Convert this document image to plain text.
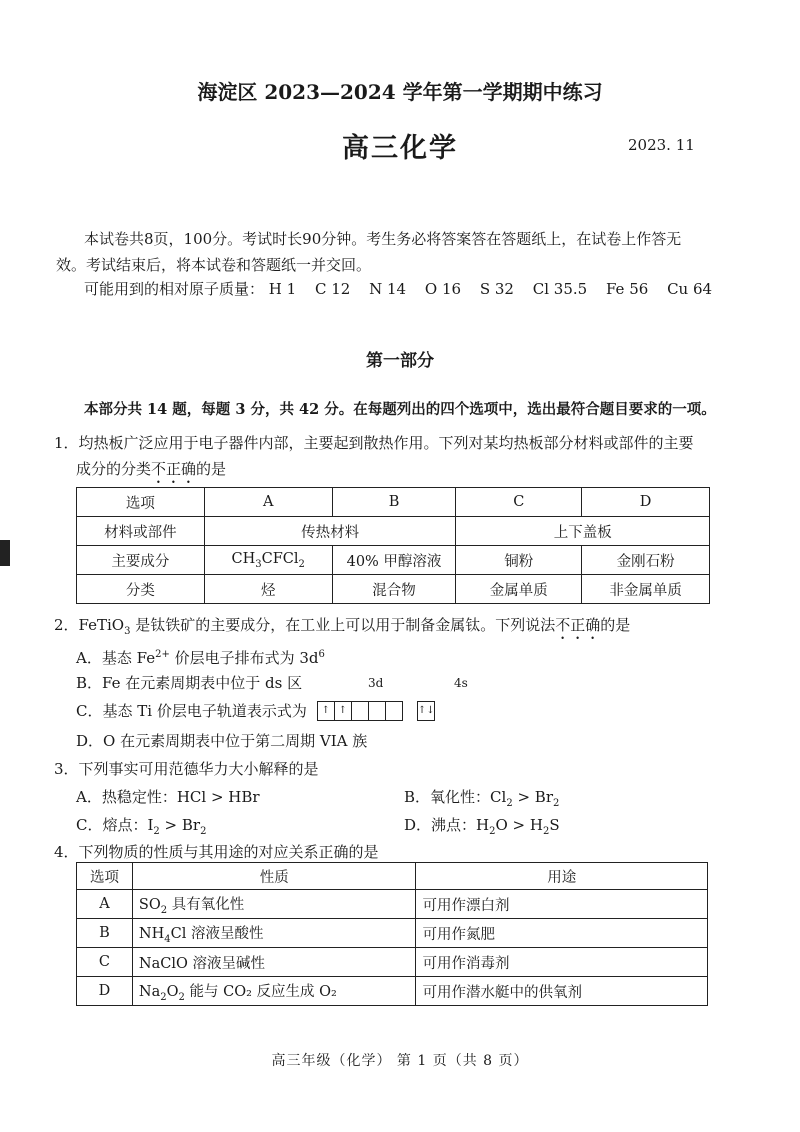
海淀区 2023—2024 学年第一学期期中练习
高三化学	2023. 11
本试卷共8页，100分。考试时长90分钟。考生务必将答案答在答题纸上，在试卷上作答无
效。考试结束后，将本试卷和答题纸一并交回。
可能用到的相对原子质量： H 1 C 12 N 14 O 16 S 32 Cl 35.5 Fe 56 Cu 64
第一部分
本部分共 14 题，每题 3 分，共 42 分。在每题列出的四个选项中，选出最符合题目要求的一项。
1．均热板广泛应用于电子器件内部，主要起到散热作用。下列对某均热板部分材料或部件的主要
成分的分类不正确的是
选项	A	B	C	D
材料或部件	传热材料		上下盖板	
主要成分	$CH_3CFCl_2$	40% 甲醇溶液	铜粉	金刚石粉
分类	烃	混合物	金属单质	非金属单质
2．FeTiO$_3$ 是钛铁矿的主要成分，在工业上可以用于制备金属钛。下列说法不正确的是
A．基态 $Fe^{2+}$ 价层电子排布式为 $3d^6$
B．Fe 在元素周期表中位于 ds 区	3d	4s
C．基态 Ti 价层电子轨道表示式为	↑ ↑	↑↓
D．O 在元素周期表中位于第二周期 VIA 族
3．下列事实可用范德华力大小解释的是
A．热稳定性：HCl > HBr	B．氧化性：$Cl_2 > Br_2$
C．熔点：$I_2 > Br_2$	D．沸点：$H_2O > H_2S$
4．下列物质的性质与其用途的对应关系正确的是
选项	性质	用途
A	$SO_2$ 具有氧化性	可用作漂白剂
B	$NH_4Cl$ 溶液呈酸性	可用作氮肥
C	NaClO 溶液呈碱性	可用作消毒剂
D	$Na_2O_2$ 能与 CO₂ 反应生成 O₂	可用作潜水艇中的供氧剂
高三年级（化学） 第 1 页（共 8 页）
